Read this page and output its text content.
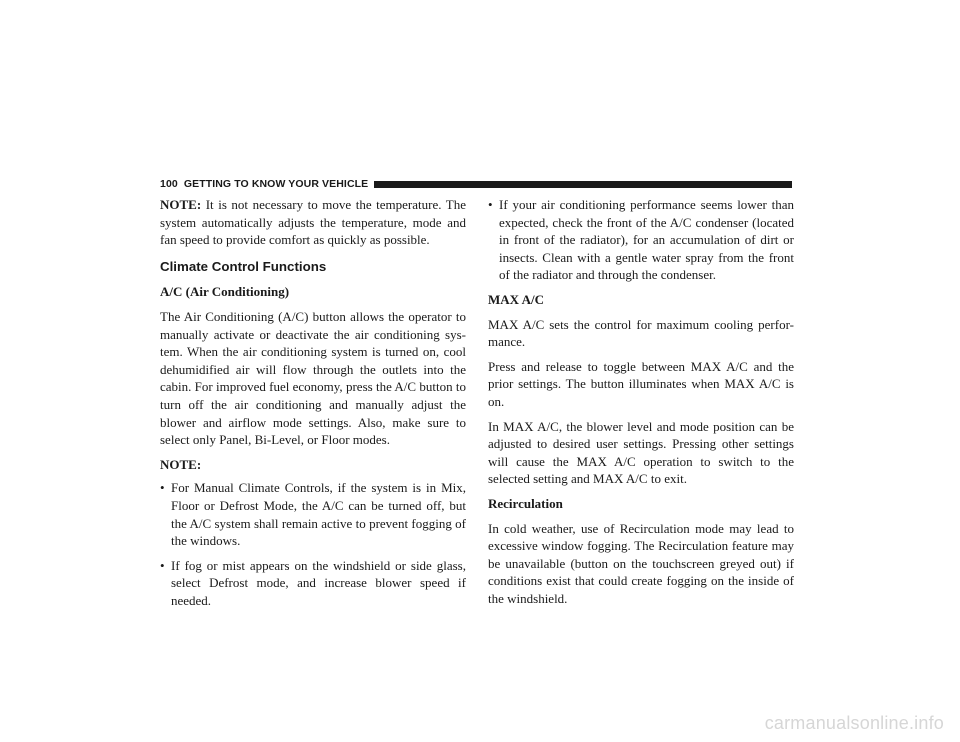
100 GETTING TO KNOW YOUR VEHICLE

NOTE: It is not necessary to move the temperature. The system automatically adjusts the temperature, mode and fan speed to provide comfort as quickly as possible.

Climate Control Functions
A/C (Air Conditioning)

The Air Conditioning (A/C) button allows the operator to manually activate or deactivate the air conditioning sys-tem. When the air conditioning system is turned on, cool dehumidified air will flow through the outlets into the cabin. For improved fuel economy, press the A/C button to turn off the air conditioning and manually adjust the blower and airflow mode settings. Also, make sure to select only Panel, Bi-Level, or Floor modes.

NOTE:
• For Manual Climate Controls, if the system is in Mix, Floor or Defrost Mode, the A/C can be turned off, but the A/C system shall remain active to prevent fogging of the windows.
• If fog or mist appears on the windshield or side glass, select Defrost mode, and increase blower speed if needed.
• If your air conditioning performance seems lower than expected, check the front of the A/C condenser (located in front of the radiator), for an accumulation of dirt or insects. Clean with a gentle water spray from the front of the radiator and through the condenser.
MAX A/C

MAX A/C sets the control for maximum cooling perfor-mance.

Press and release to toggle between MAX A/C and the prior settings. The button illuminates when MAX A/C is on.

In MAX A/C, the blower level and mode position can be adjusted to desired user settings. Pressing other settings will cause the MAX A/C operation to switch to the selected setting and MAX A/C to exit.

Recirculation

In cold weather, use of Recirculation mode may lead to excessive window fogging. The Recirculation feature may be unavailable (button on the touchscreen greyed out) if conditions exist that could create fogging on the inside of the windshield.

carmanualsonline.info
